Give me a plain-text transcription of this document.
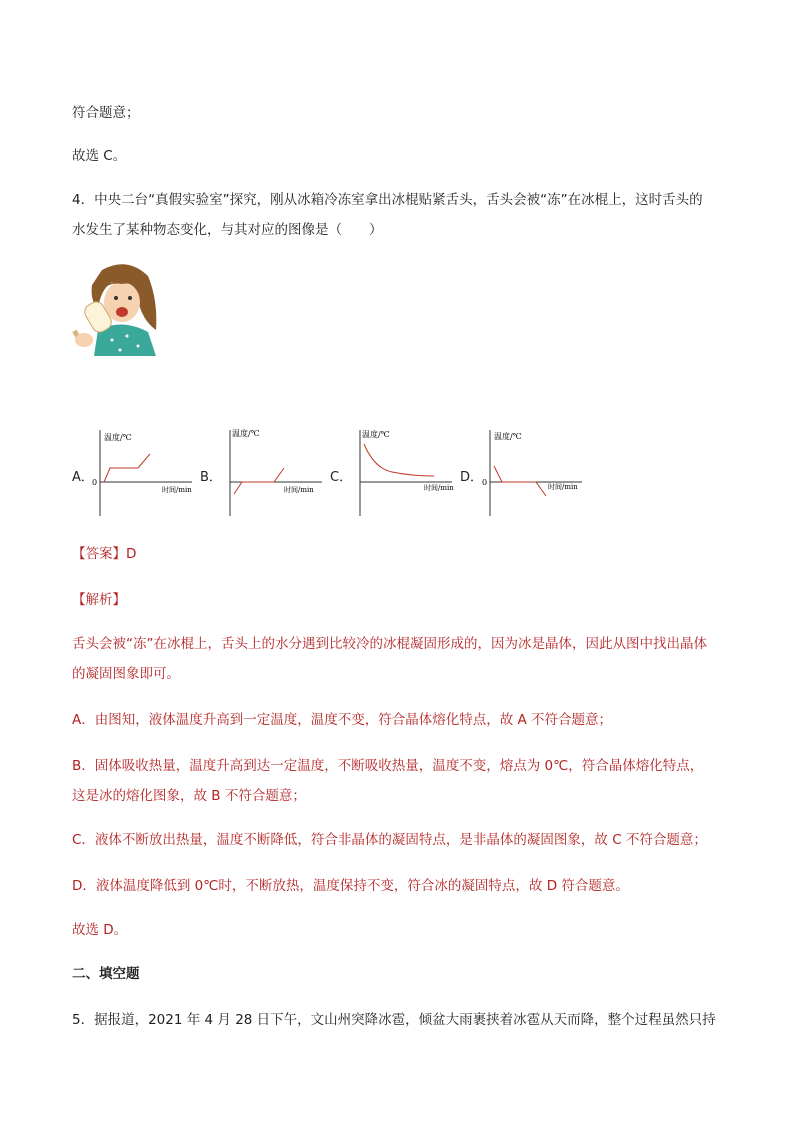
符合题意；
故选 C。
4．中央二台“真假实验室”探究，刚从冰箱冷冻室拿出冰棍贴紧舌头，舌头会被“冻”在冰棍上，这时舌头的
水发生了某种物态变化，与其对应的图像是（　　）
A．	B．	C．	D．
温度/℃
时间/min
0
温度/℃
时间/min
温度/℃
时间/min
温度/℃
时间/min
0
【答案】D
【解析】
舌头会被“冻”在冰棍上，舌头上的水分遇到比较冷的冰棍凝固形成的，因为冰是晶体，因此从图中找出晶体
的凝固图象即可。
A．由图知，液体温度升高到一定温度，温度不变，符合晶体熔化特点，故 A 不符合题意；
B．固体吸收热量，温度升高到达一定温度，不断吸收热量，温度不变，熔点为 0℃，符合晶体熔化特点，
这是冰的熔化图象，故 B 不符合题意；
C．液体不断放出热量，温度不断降低，符合非晶体的凝固特点，是非晶体的凝固图象，故 C 不符合题意；
D．液体温度降低到 0℃时，不断放热，温度保持不变，符合冰的凝固特点，故 D 符合题意。
故选 D。
二、填空题
5．据报道，2021 年 4 月 28 日下午，文山州突降冰雹，倾盆大雨裹挟着冰雹从天而降，整个过程虽然只持
